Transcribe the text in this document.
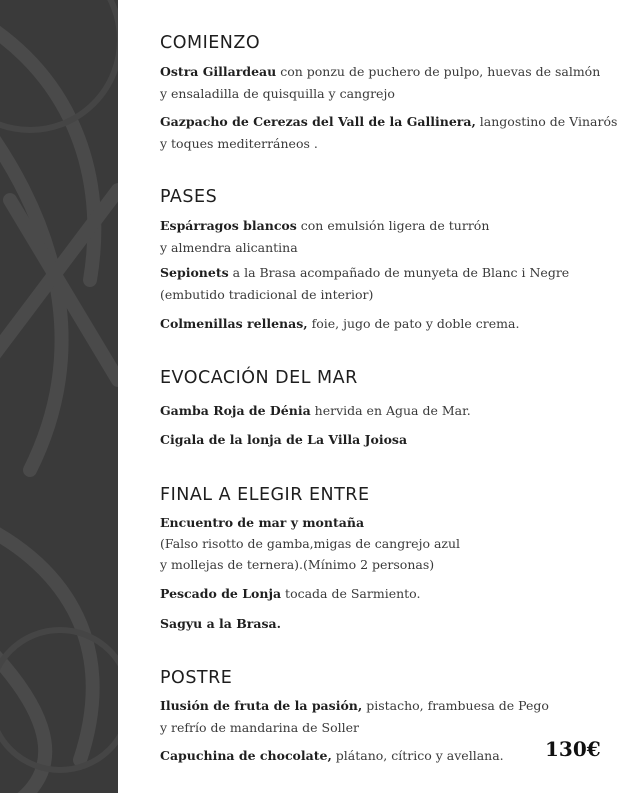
COMIENZO
Ostra Gillardeau con ponzu de puchero de pulpo, huevas de salmón
y ensaladilla de quisquilla y cangrejo
Gazpacho de Cerezas del Vall de la Gallinera, langostino de Vinarós
y toques mediterráneos .
PASES
Espárragos blancos con emulsión ligera de turrón
y almendra alicantina
Sepionets a la Brasa acompañado de munyeta de Blanc i Negre
(embutido tradicional de interior)
Colmenillas rellenas, foie, jugo de pato y doble crema.
EVOCACIÓN DEL MAR
Gamba Roja de Dénia hervida en Agua de Mar.
Cigala de la lonja de La Villa Joiosa
FINAL A ELEGIR ENTRE
Encuentro de mar y montaña
(Falso risotto de gamba,migas de cangrejo azul
y mollejas de ternera).(Mínimo 2 personas)
Pescado de Lonja tocada de Sarmiento.
Sagyu a la Brasa.
POSTRE
Ilusión de fruta de la pasión, pistacho, frambuesa de Pego
y refrío de mandarina de Soller
Capuchina de chocolate, plátano, cítrico y avellana. 130€
